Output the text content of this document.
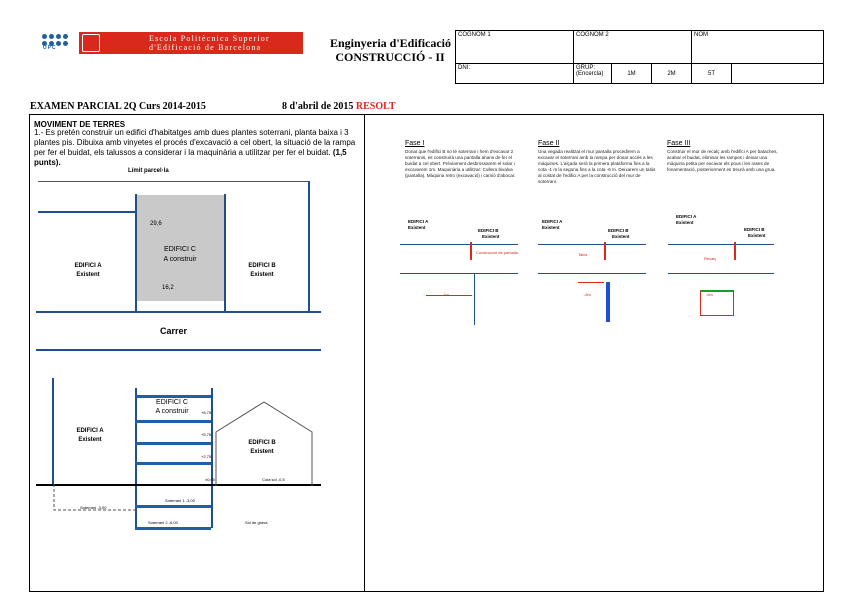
UPC
Escola Politècnica Superior
d'Edificació de Barcelona	Enginyeria d'Edificació
CONSTRUCCIÓ - II
COGNOM 1	COGNOM 2			NOM	
DNI:	GRUP:
(Encercla)	1M	2M	5T	
EXAMEN PARCIAL 2Q Curs 2014-2015	8 d'abril de 2015 RESOLT
MOVIMENT DE TERRES
1.- Es pretén construir un edifici d'habitatges amb dues plantes soterrani, planta baixa i 3 plantes pis. Dibuixa amb vinyetes el procés d'excavació a cel obert, la situació de la rampa per fer el buidat, els talussos a considerar i la maquinària a utilitzar per fer el buidat. (1,5 punts).
Límit parcel·la
29,6
EDIFICI C
A construir
16,2
EDIFICI A
Existent
EDIFICI B
Existent
Carrer
EDIFICI C
A construir
EDIFICI A
Existent	EDIFICI B
Existent
+8,75
+5,75
+2,75
±0,00	Cota sòl -0,5
Soterrani 1 -3,00
Soterrani 2 -6,00
Soterrani -3,00
Sòl de grava
Fase I
Donat que l'edifici B no té soterrani i hem d'excavar 2 soterranis, es construirà una pantalla ahans de fer el buidat a cel obert. Prèviament desbrossarem el solar i excavarem 1m. Maquinària a utilitzar: Cullera bivalva (pantalla). Màquina retro (excavació) i camió d'abocar.
Fase II
Una vegada realitzat el mur pantalla procedirem a excavar el soterrani amb la rampa per donar accés a les màquines. L'alçada serà la primera plataforma fins a la cota -1 m la segona fins a la cota -6 m. Deixarem un talús al costat de l'edifici A per la construcció del mur de soterrani.
Fase III
Construir el mur de recalç amb l'edifici A per bataches, acabar el buidat, eliminar les rampes i deixar una màquina petita per excavar els pous i les rases de fonamentació, posteriorment es treurà amb una grua.
EDIFICI A
Existent
EDIFICI B
Existent
Construcció de pantalla
-1m
EDIFICI A
Existent
EDIFICI B
Existent
Talús
-6m
EDIFICI A
Existent
EDIFICI B
Existent
Recalç
-6m
